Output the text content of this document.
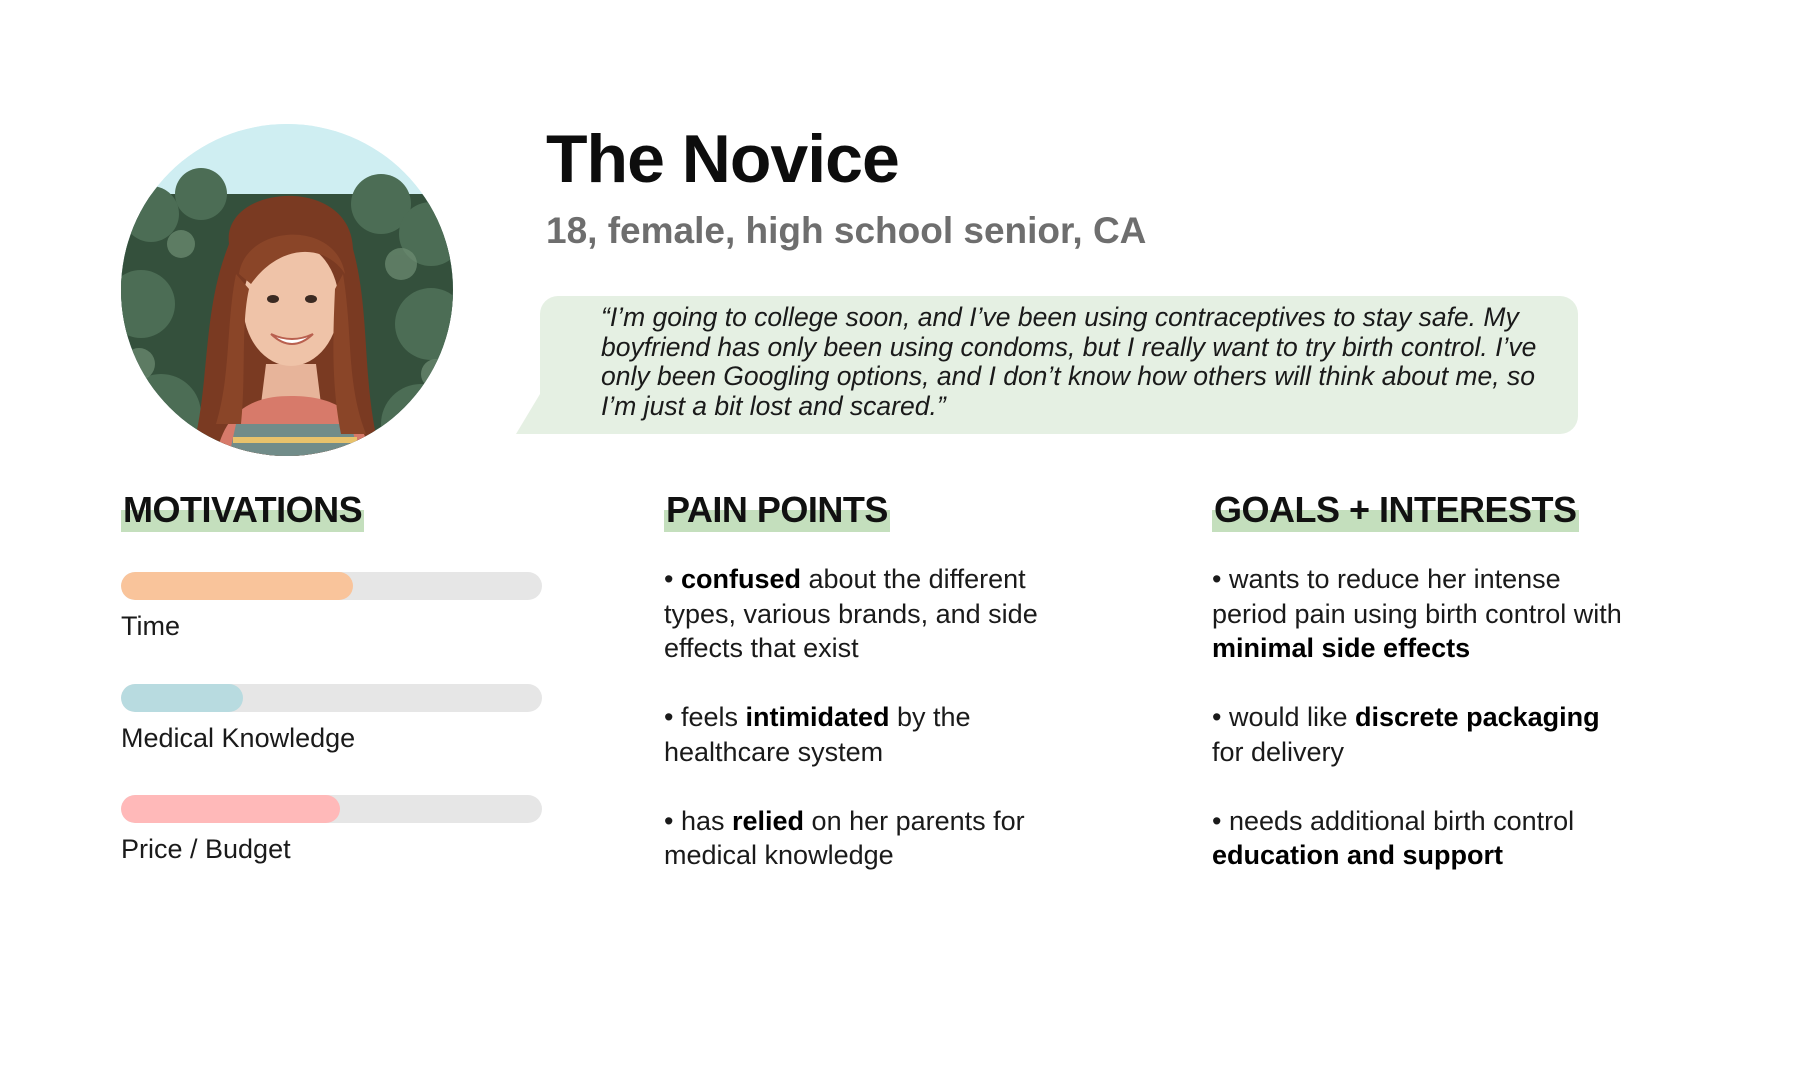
The Novice
18, female, high school senior, CA
“I’m going to college soon, and I’ve been using contraceptives to stay safe. My boyfriend has only been using condoms, but I really want to try birth control. I’ve only been Googling options, and I don’t know how others will think about me, so I’m just a bit lost and scared.”
MOTIVATIONS	PAIN POINTS	GOALS + INTERESTS
Time
Medical Knowledge
Price / Budget

• confused about the different types, various brands, and side effects that exist

• feels intimidated by the healthcare system

• has relied on her parents for medical knowledge

• wants to reduce her intense period pain using birth control with minimal side effects

• would like discrete packaging for delivery

• needs additional birth control education and support
